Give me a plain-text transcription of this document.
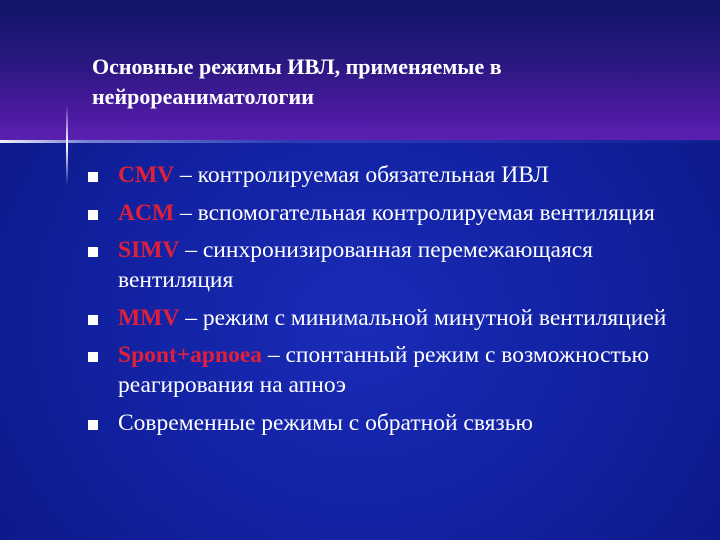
Основные режимы ИВЛ, применяемые в
нейрореаниматологии
CMV – контролируемая обязательная ИВЛ
ACM – вспомогательная контролируемая вентиляция
SIMV – синхронизированная перемежающаяся вентиляция
MMV – режим с минимальной минутной вентиляцией
Spont+apnoea – спонтанный режим с возможностью реагирования на апноэ
Современные режимы с обратной связью
